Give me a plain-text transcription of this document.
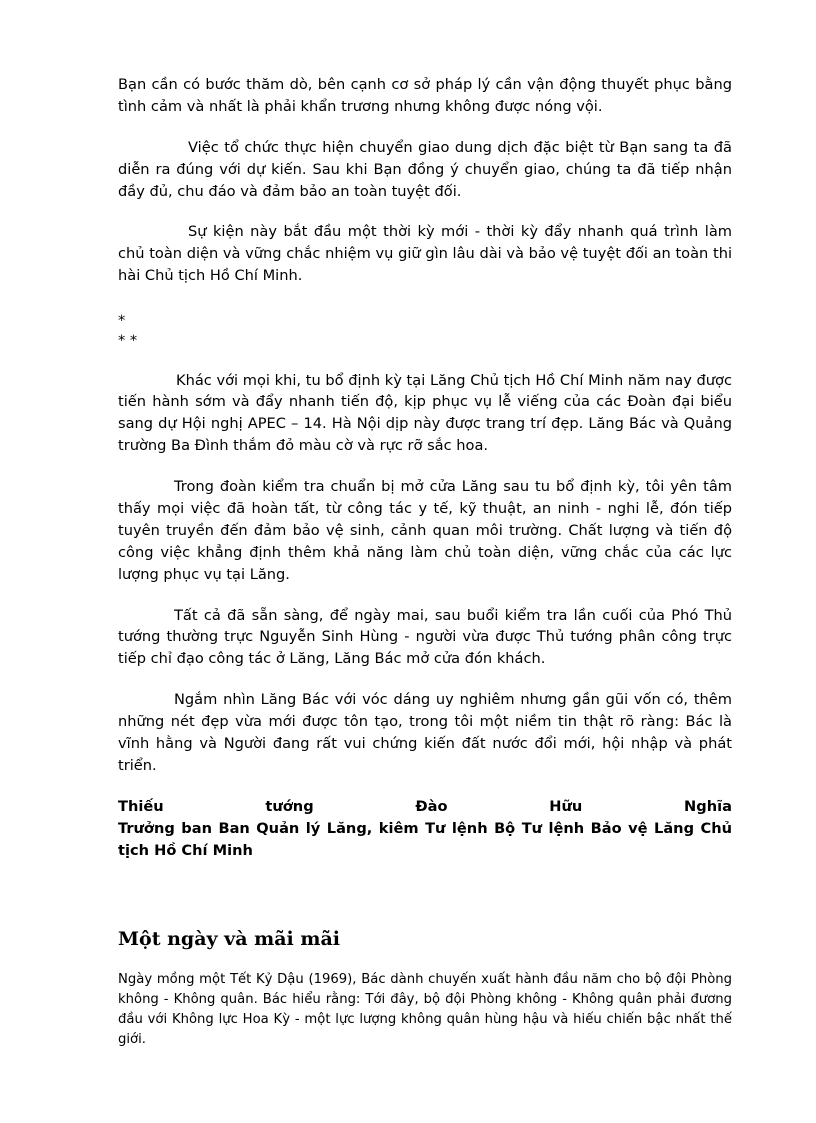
Bạn cần có bước thăm dò, bên cạnh cơ sở pháp lý cần vận động thuyết phục bằng tình cảm và nhất là phải khẩn trương nhưng không được nóng vội.

Việc tổ chức thực hiện chuyển giao dung dịch đặc biệt từ Bạn sang ta đã diễn ra đúng với dự kiến. Sau khi Bạn đồng ý chuyển giao, chúng ta đã tiếp nhận đầy đủ, chu đáo và đảm bảo an toàn tuyệt đối.

Sự kiện này bắt đầu một thời kỳ mới - thời kỳ đẩy nhanh quá trình làm chủ toàn diện và vững chắc nhiệm vụ giữ gìn lâu dài và bảo vệ tuyệt đối an toàn thi hài Chủ tịch Hồ Chí Minh.

*
* *

Khác với mọi khi, tu bổ định kỳ tại Lăng Chủ tịch Hồ Chí Minh năm nay được tiến hành sớm và đẩy nhanh tiến độ, kịp phục vụ lễ viếng của các Đoàn đại biểu sang dự Hội nghị APEC – 14. Hà Nội dịp này được trang trí đẹp. Lăng Bác và Quảng trường Ba Đình thắm đỏ màu cờ và rực rỡ sắc hoa.

Trong đoàn kiểm tra chuẩn bị mở cửa Lăng sau tu bổ định kỳ, tôi yên tâm thấy mọi việc đã hoàn tất, từ công tác y tế, kỹ thuật, an ninh - nghi lễ, đón tiếp tuyên truyền đến đảm bảo vệ sinh, cảnh quan môi trường. Chất lượng và tiến độ công việc khẳng định thêm khả năng làm chủ toàn diện, vững chắc của các lực lượng phục vụ tại Lăng.

Tất cả đã sẵn sàng, để ngày mai, sau buổi kiểm tra lần cuối của Phó Thủ tướng thường trực Nguyễn Sinh Hùng - người vừa được Thủ tướng phân công trực tiếp chỉ đạo công tác ở Lăng, Lăng Bác mở cửa đón khách.

Ngắm nhìn Lăng Bác với vóc dáng uy nghiêm nhưng gần gũi vốn có, thêm những nét đẹp vừa mới được tôn tạo, trong tôi một niềm tin thật rõ ràng: Bác là vĩnh hằng và Người đang rất vui chứng kiến đất nước đổi mới, hội nhập và phát triển.

Thiếu	tướng	Đào	Hữu	Nghĩa
Trưởng ban Ban Quản lý Lăng, kiêm Tư lệnh Bộ Tư lệnh Bảo vệ Lăng Chủ tịch Hồ Chí Minh
Một ngày và mãi mãi

Ngày mồng một Tết Kỷ Dậu (1969), Bác dành chuyến xuất hành đầu năm cho bộ đội Phòng không - Không quân. Bác hiểu rằng: Tới đây, bộ đội Phòng không - Không quân phải đương đầu với Không lực Hoa Kỳ - một lực lượng không quân hùng hậu và hiếu chiến bậc nhất thế giới.
